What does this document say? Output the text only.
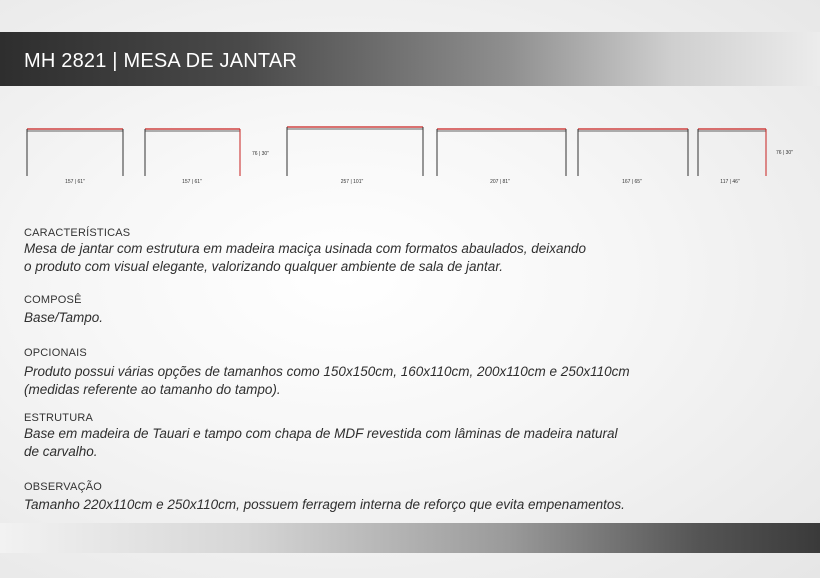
MH 2821 | MESA DE JANTAR
157 | 61"	157 | 61"
76 | 30"
257 | 101"	207 | 81"	167 | 65"	117 | 46"
76 | 30"
CARACTERÍSTICAS
Mesa de jantar com estrutura em madeira maciça usinada com formatos abaulados, deixando
o produto com visual elegante, valorizando qualquer ambiente de sala de jantar.
COMPOSÊ
Base/Tampo.
OPCIONAIS
Produto possui várias opções de tamanhos como 150x150cm, 160x110cm, 200x110cm e 250x110cm
(medidas referente ao tamanho do tampo).
ESTRUTURA
Base em madeira de Tauari e tampo com chapa de MDF revestida com lâminas de madeira natural
de carvalho.
OBSERVAÇÃO
Tamanho 220x110cm e 250x110cm, possuem ferragem interna de reforço que evita empenamentos.
